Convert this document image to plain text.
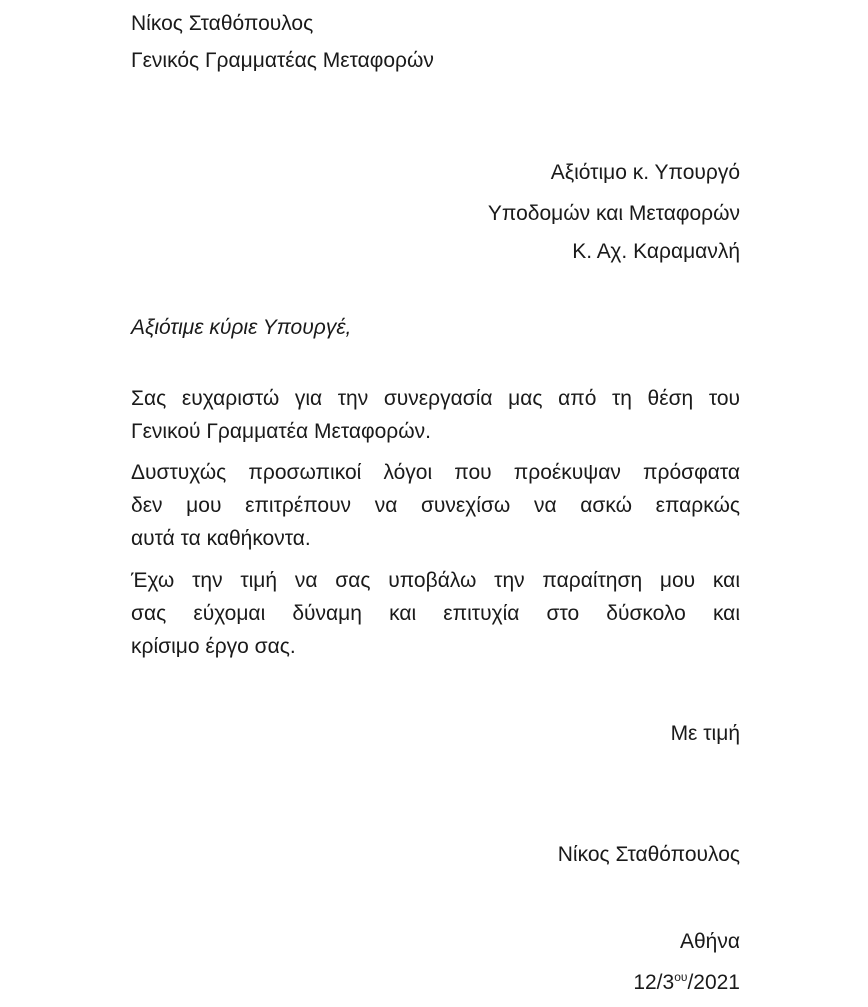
Νίκος Σταθόπουλος
Γενικός Γραμματέας Μεταφορών
Αξιότιμο κ. Υπουργό
Υποδομών και Μεταφορών
Κ. Αχ. Καραμανλή
Αξιότιμε κύριε Υπουργέ,
Σας ευχαριστώ για την συνεργασία μας από τη θέση του
Γενικού Γραμματέα Μεταφορών.
Δυστυχώς προσωπικοί λόγοι που προέκυψαν πρόσφατα
δεν μου επιτρέπουν να συνεχίσω να ασκώ επαρκώς
αυτά τα καθήκοντα.
Έχω την τιμή να σας υποβάλω την παραίτηση μου και
σας εύχομαι δύναμη και επιτυχία στο δύσκολο και
κρίσιμο έργο σας.
Με τιμή
Νίκος Σταθόπουλος
Αθήνα
$12/3^{o\upsilon}/2021$
